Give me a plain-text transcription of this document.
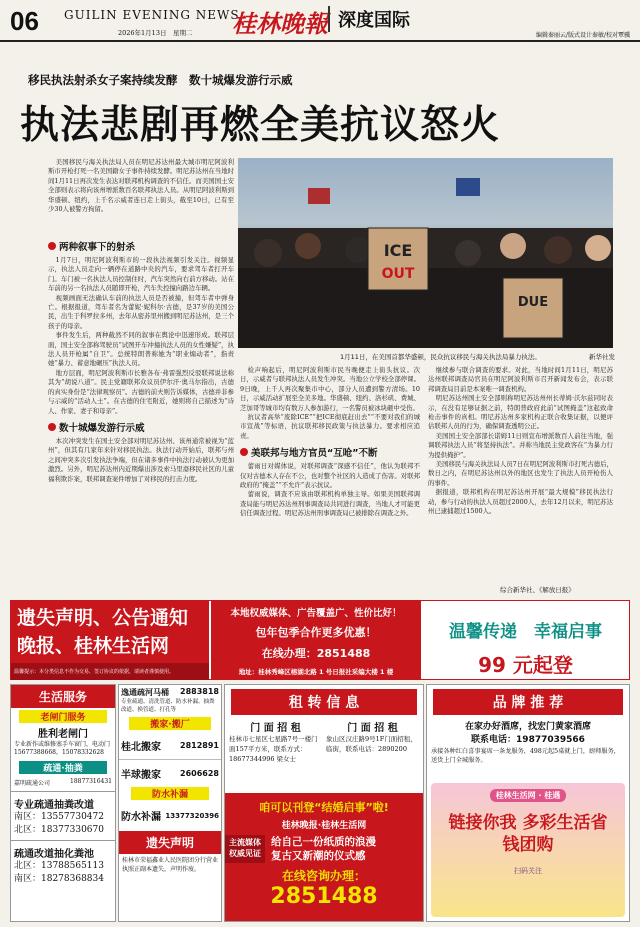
06 GUILIN EVENING NEWS
2026年1月13日　星期二 桂林晚報 深度国际
编辑秦丽云/版式设计秦敏/校对覃骥
移民执法射杀女子案持续发酵　数十城爆发游行示威
执法悲剧再燃全美抗议怒火

美国移民与海关执法局人员在明尼苏达州最大城市明尼阿波利斯市开枪打死一名美国籍女子事件持续发酵。明尼苏达州在当地时间1月11日再次发生表达对联邦机构调查的不信任。而美国国土安全部则表示将向该州增派数百名联邦执法人员。从明尼阿波利斯到华盛顿、纽约，上千名示威者连日走上街头，截至10日，已有至少30人被警方拘留。

两种叙事下的射杀

1月7日，明尼阿波利斯市的一段执法视频引发关注。视频显示，执法人员走向一辆停在道路中央的汽车，要求驾车者打开车门。车门被一名执法人员控制住时，汽车突然向右前方移动。站在车前的另一名执法人员随即开枪，汽车失控撞向路边车辆。

视频画面无法确认车前的执法人员是否被撞，但驾车者中弹身亡。根据报道，驾车者名为蕾妮·妮科尔·古德，是37岁的美国公民，出生于科罗拉多州，去年从密苏里州搬到明尼苏达州，是三个孩子的母亲。

事件发生后，两种截然不同的叙事在舆论中迅速形成。联邦层面，国土安全部称驾驶员“试图开车冲撞执法人员的女性嫌疑”，执法人员开枪属“自卫”。总统特朗普称她为“职业煽动者”，指责她“暴力、蓄意地碾压”执法人员。

地方层面，明尼阿波利斯市长雅各布·弗雷强烈反驳联邦说法称其为“胡说八道”。民主党籍联邦众议员伊尔汗·奥马尔指出，古德的真实身份是“法律观察员”。古德的前夫则告诉媒体，古德并非参与示威的“活动人士”。在古德的住宅附近，她则将自己描述为“诗人、作家、妻子和母亲”。

数十城爆发游行示威

本次冲突发生在国土安全部对明尼苏达州、该州通常被视为“蓝州”，但其有几家年来针对移民执法。执法行动开始后，联邦与州之间冲突多次引发执法争端，但在诸多事件中执法行动被认为更加激烈。另外，明尼苏达州内近期爆出涉及索马里裔移民社区的儿童福利欺诈案，联邦调查案件增加了对移民的打击力度。

ICE
OUT
DUE
1月11日，在美国首都华盛顿，民众抗议移民与海关执法局暴力执法。	新华社发

检声响起后，明尼阿波利斯市民当晚便走上街头抗议。次日，示威者与联邦执法人员发生冲突。当地公立学校全部停课。9日晚，上千人再次聚集市中心，部分人员遭到警方清场。10日，示威活动扩展至全美多地。华盛顿、纽约、洛杉矶、费城、芝加哥等城市均有数万人参加游行，一名警员被冰块砸中受伤。

抗议者高举“废除ICE”“把ICE彻底赶出去”“不要对我们的城市宣战”等标语，抗议联邦移民政策与执法暴力。要求相应追责。

美联邦与地方官员“互呛”不断

蕾雨日对媒体说，对联邦调查“深感不信任”，他认为联邦不仅对古德本人存在不公，也对整个社区的人造成了伤害。对联邦政府的“掩盖”“不允许”表示抗议。

蕾雨说，调查不应该由联邦机构单独主导。如果美国联邦调查局能与明尼苏达州刑事调查局共同进行调查，当地人才可能更信任调查过程。明尼苏达州刑事调查局已被排除在调查之外。

继续参与联合调查的要求。对此，当地时间1月11日，明尼苏达州联邦调查局官员在明尼阿波利斯市召开新闻发布会，表示联邦调查局目前是本案唯一调查机构。

明尼苏达州国土安全部则称明尼苏达州州长蒂姆·沃尔兹同时表示，在没有足够证据之前，特朗普政府此前“试图掩盖”这起致命枪击事件的真相。明尼苏达州多家机构正联合收集证据，以便评估联邦人员的行为，确保调查透明公正。

美国国土安全部部长诺姆11日则宣布增派数百人前往当地，强调联邦执法人员“将坚持执法”。并称当地民主党政客在“为暴力行为提供掩护”。

美国移民与海关执法局人员7日在明尼阿波利斯市打死古德后，数日之内，在明尼苏达州以外的地区也发生了执法人员开枪伤人的事件。

据报道，联邦机构在明尼苏达州开展“最大规模”移民执法行动，参与行动的执法人员超过2000人，去年12月以来，明尼苏达州已逮捕超过1500人。

综合新华社、《解放日报》
遗失声明、公告通知
晚报、桂林生活网
温馨提示：本分类信息不作为交易、签订协议的依据，请读者谨慎使用。
本地权威媒体、广告覆盖广、性价比好！
包年包季合作更多优惠！
在线办理：2851488
地址：桂林秀峰区榕湖北路 1 号日报社采编大楼 1 楼
温馨传递　幸福启事
99 元起登
生活服务
老闸门服务
胜利老闸门
专业新作或维修塞手车窗门，电动门15677388668，15078332628
疏通·抽粪
嘉明疏通公司	18877316431
专业疏通抽粪改道
南区：13557730472
北区：18377330670
疏通改道抽化粪池
北区：13788565113
南区：18278368834
逸通疏河马桶 2883818
专业疏通、清洗管道、防水补漏、抽粪改道、换管道、打孔等
搬家·搬厂
桂北搬家 2812891
半球搬家 2606628
防水补漏
防水补漏 13377320396
遗失声明
桂林市荣福鑫业人民医院团分行营业执照正副本遗失，声明作废。
租 转 信 息
门 面 招 租
桂林市七星区七星路7号一楼门面157平方米，联系方式：18677344996 梁女士
门 面 招 租
象山区汉庄路9号1F门面招租，临街，联系电话：2890200
咱可以刊登“结婚启事”啦!
桂林晚报·桂林生活网
主流媒体
权威见证
给自己一份纸质的浪漫
复古又新潮的仪式感
在线咨询办理：
2851488
品 牌 推 荐
在家办好酒席，找宏门黄家酒席
联系电话：19877039566
承接各种红白喜事宴席一条龙服务，498元起5桌就上门，厨师服务，送货上门全城服务。
桂林生活网 · 桂遇
链接你我 多彩生活省钱团购
扫码关注
